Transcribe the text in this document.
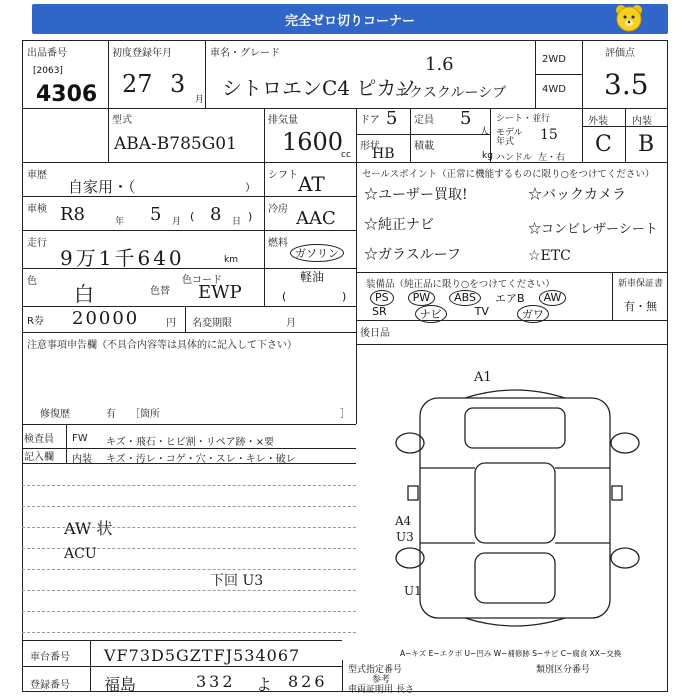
完全ゼロ切りコーナー
出品番号
[2063]
4306
初度登録年月
27 3
月
車名・グレード
シトロエンC4 ピカソ
1.6
エクスクルーシブ
2WD
4WD
評価点
3.5
外装 内装
C B
型式
ABA-B785G01
排気量
1600
cc
ドア 5 定員 5
人
形状
HB 積載
kg
シート・並行
モデル年式	15
ハンドル 左・右
車歴
自家用・（	）
シフト AT
車検 R8	年 5 月 ( 8 日 )
冷房 AAC
走行
9万1千640	km
燃料
ガソリン
軽油
(	)
色
白	色替
色コード
EWP
R券 20000	円 名変期限	月
注意事項申告欄（不具合内容等は具体的に記入して下さい）
修復歴	有 ［箇所	］
セールスポイント（正常に機能するものに限り○をつけてください）
☆ユーザー買取!	☆バックカメラ
☆純正ナビ	☆コンビレザーシート
☆ガラスルーフ	☆ETC
装備品（純正品に限り○をつけてください）
PS	PW	ABS	エアB	AW
SR	ナビ	TV	ガワ
新車保証書
有・無
後日品
検査員
記入欄
FW キズ・飛石・ヒビ割・リペア跡・×要
内装 キズ・汚レ・コゲ・穴・スレ・キレ・破レ
AW 状
ACU
下回 U3
A1
A4
U3
U1
A−キズ E−エクボ U−凹み W−補修跡 S−サビ C−腐食 XX−交換
車台番号 VF73D5GZTFJ534067
登録番号 福島	332 よ 826
型式指定番号	類別区分番号
車両証明用 長さ
参考
